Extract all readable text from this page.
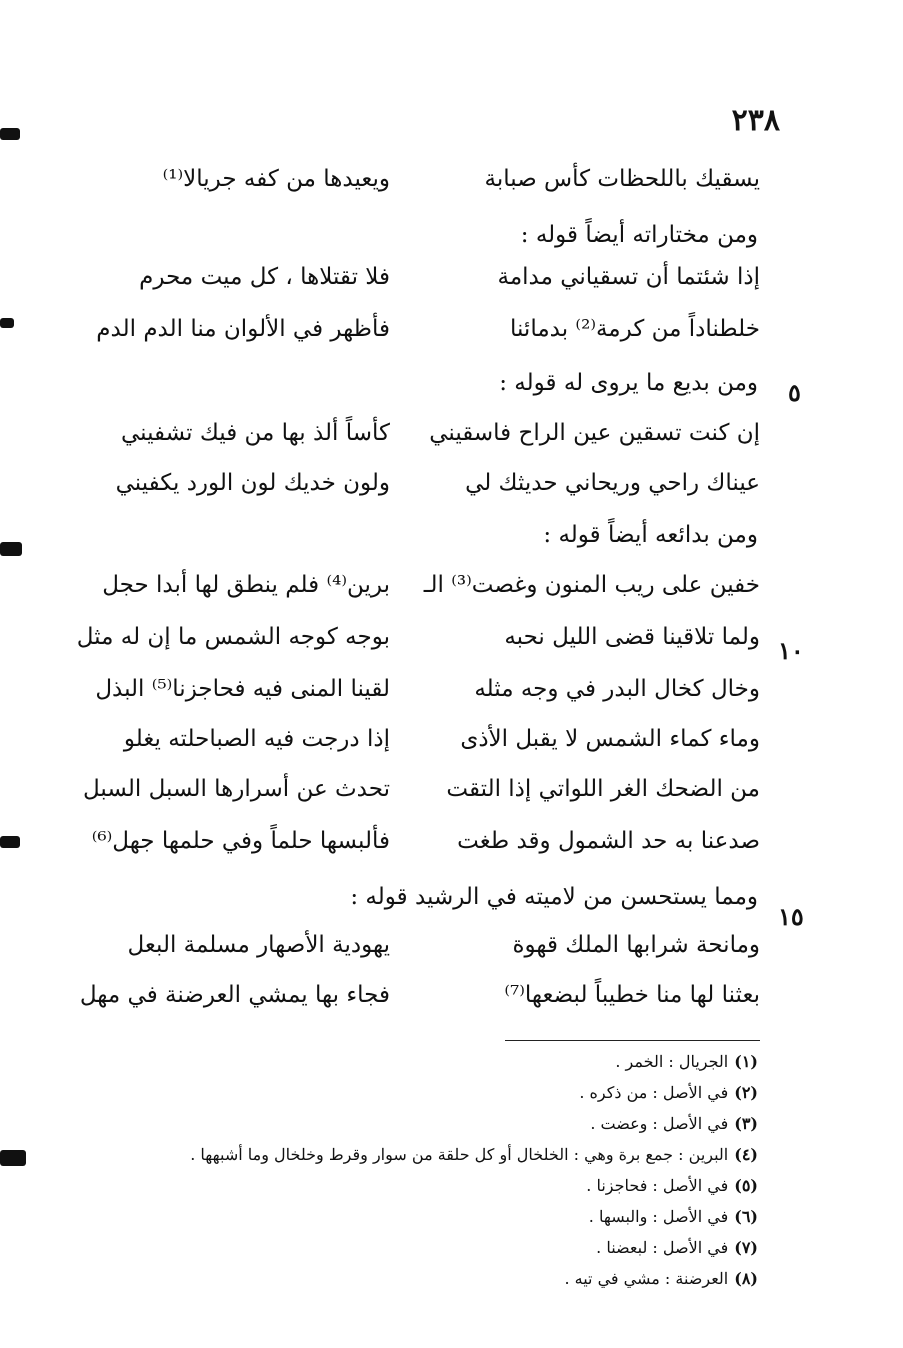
٢٣٨
٥
١٠
١٥
يسقيك باللحظات كأس صبابة
ويعيدها من كفه جريالا⁽¹⁾
ومن مختاراته أيضاً قوله :
إذا شئتما أن تسقياني مدامة
فلا تقتلاها ، كل ميت محرم
خلطناداً من كرمة⁽²⁾ بدمائنا
فأظهر في الألوان منا الدم الدم
ومن بديع ما يروى له قوله :
إن كنت تسقين عين الراح فاسقيني
كأساً ألذ بها من فيك تشفيني
عيناك راحي وريحاني حديثك لي
ولون خديك لون الورد يكفيني
ومن بدائعه أيضاً قوله :
خفين على ريب المنون وغصت⁽³⁾ الـ
برين⁽⁴⁾ فلم ينطق لها أبدا حجل
ولما تلاقينا قضى الليل نحبه
بوجه كوجه الشمس ما إن له مثل
وخال كخال البدر في وجه مثله
لقينا المنى فيه فحاجزنا⁽⁵⁾ البذل
وماء كماء الشمس لا يقبل الأذى
إذا درجت فيه الصباحلته يغلو
من الضحك الغر اللواتي إذا التقت
تحدث عن أسرارها السبل السبل
صدعنا به حد الشمول وقد طغت
فألبسها حلماً وفي حلمها جهل⁽⁶⁾
ومما يستحسن من لاميته في الرشيد قوله :
ومانحة شرابها الملك قهوة
يهودية الأصهار مسلمة البعل
بعثنا لها منا خطيباً لبضعها⁽⁷⁾
فجاء بها يمشي العرضنة في مهل
(١)الجريال : الخمر .
(٢)في الأصل : من ذكره .
(٣)في الأصل : وعضت .
(٤)البرين : جمع برة وهي : الخلخال أو كل حلقة من سوار وقرط وخلخال وما أشبهها .
(٥)في الأصل : فحاجزنا .
(٦)في الأصل : والبسها .
(٧)في الأصل : لبعضنا .
(٨)العرضنة : مشي في تيه .
